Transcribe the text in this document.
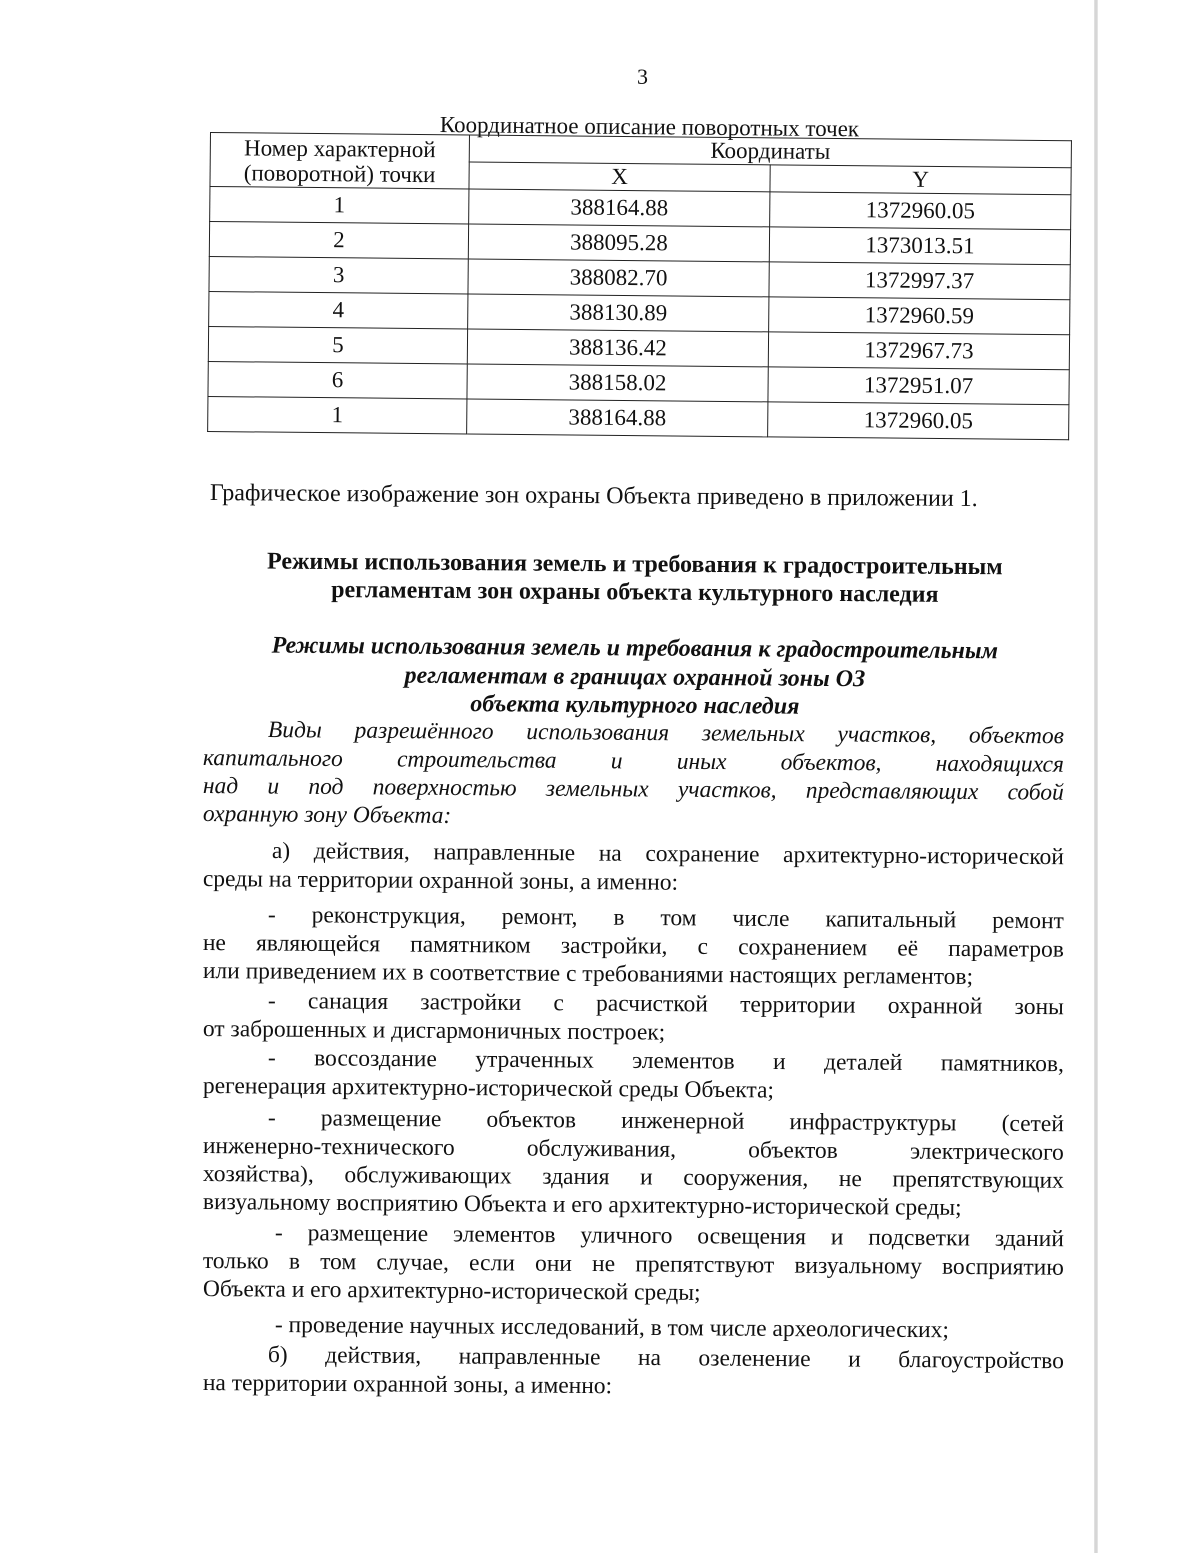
3
Координатное описание поворотных точек
Номер характерной (поворотной) точки	Координаты	
	X	Y
1	388164.88	1372960.05
2	388095.28	1373013.51
3	388082.70	1372997.37
4	388130.89	1372960.59
5	388136.42	1372967.73
6	388158.02	1372951.07
1	388164.88	1372960.05
Графическое изображение зон охраны Объекта приведено в приложении 1.
Режимы использования земель и требования к градостроительным
регламентам зон охраны объекта культурного наследия
Режимы использования земель и требования к градостроительным
регламентам в границах охранной зоны ОЗ
объекта культурного наследия
Виды разрешённого использования земельных участков, объектов
капитального строительства и иных объектов, находящихся
над и под поверхностью земельных участков, представляющих собой
охранную зону Объекта:
а) действия, направленные на сохранение архитектурно-исторической
среды на территории охранной зоны, а именно:
- реконструкция, ремонт, в том числе капитальный ремонт
не являющейся памятником застройки, с сохранением её параметров
или приведением их в соответствие с требованиями настоящих регламентов;
- санация застройки с расчисткой территории охранной зоны
от заброшенных и дисгармоничных построек;
- воссоздание утраченных элементов и деталей памятников,
регенерация архитектурно-исторической среды Объекта;
- размещение объектов инженерной инфраструктуры (сетей
инженерно-технического обслуживания, объектов электрического
хозяйства), обслуживающих здания и сооружения, не препятствующих
визуальному восприятию Объекта и его архитектурно-исторической среды;
- размещение элементов уличного освещения и подсветки зданий
только в том случае, если они не препятствуют визуальному восприятию
Объекта и его архитектурно-исторической среды;
- проведение научных исследований, в том числе археологических;
б) действия, направленные на озеленение и благоустройство
на территории охранной зоны, а именно:
